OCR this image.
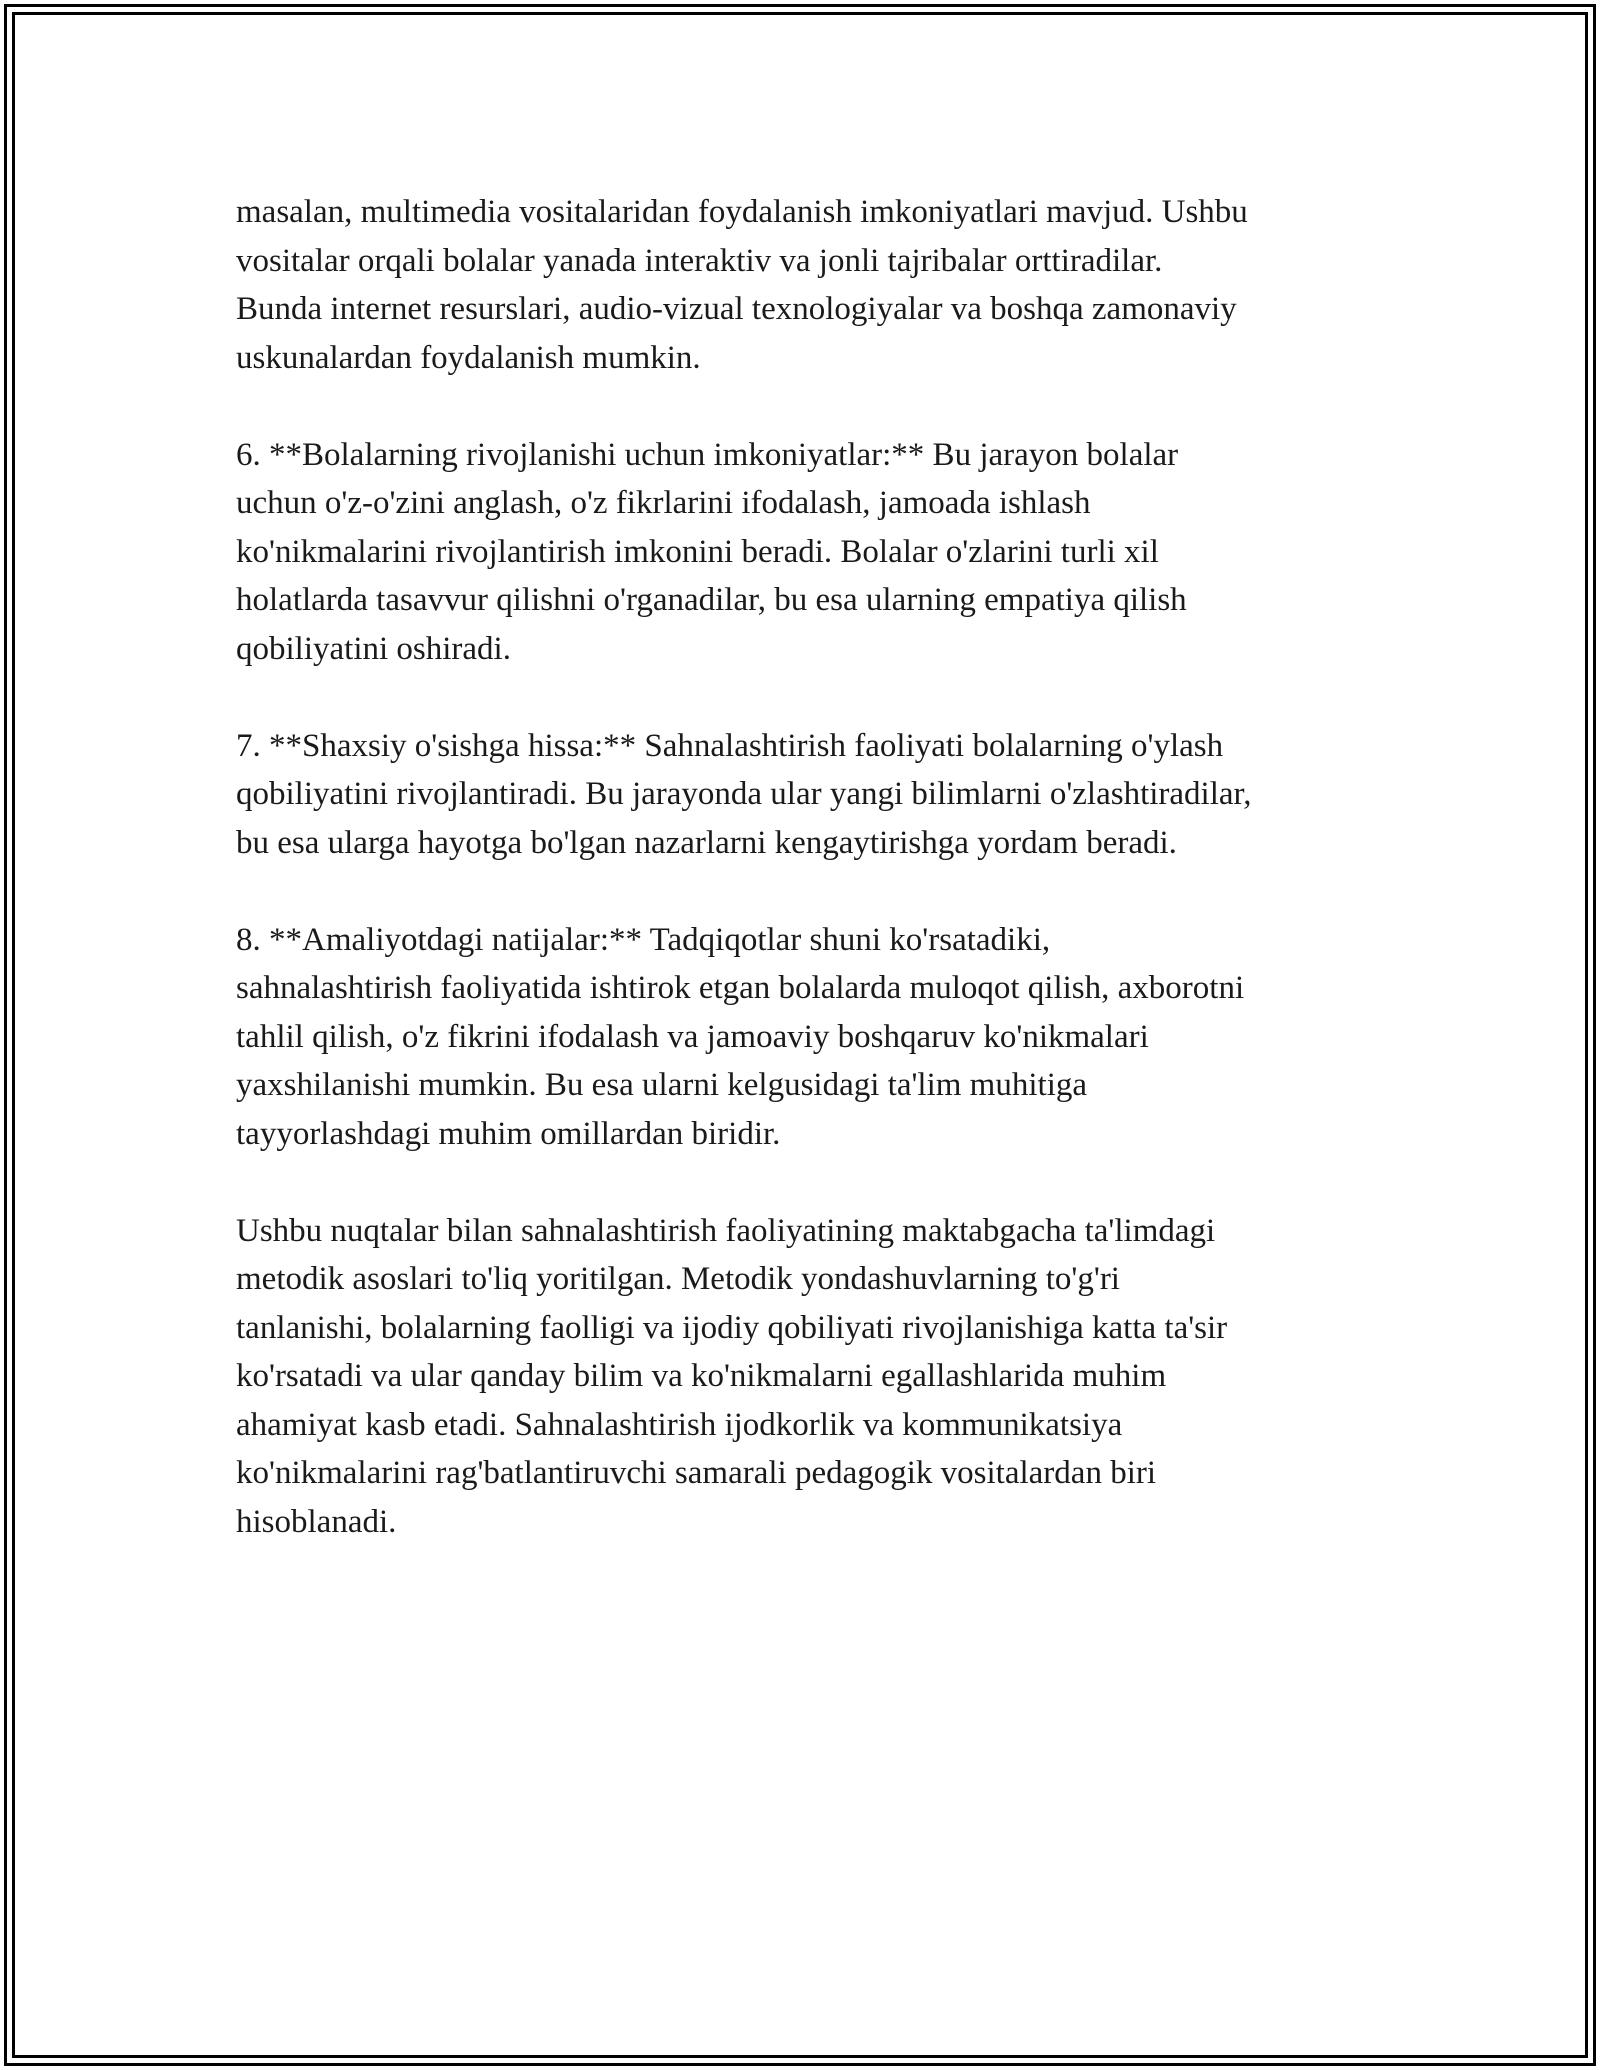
masalan, multimedia vositalaridan foydalanish imkoniyatlari mavjud. Ushbu
vositalar orqali bolalar yanada interaktiv va jonli tajribalar orttiradilar.
Bunda internet resurslari, audio-vizual texnologiyalar va boshqa zamonaviy
uskunalardan foydalanish mumkin.

6. **Bolalarning rivojlanishi uchun imkoniyatlar:** Bu jarayon bolalar
uchun o'z-o'zini anglash, o'z fikrlarini ifodalash, jamoada ishlash
ko'nikmalarini rivojlantirish imkonini beradi. Bolalar o'zlarini turli xil
holatlarda tasavvur qilishni o'rganadilar, bu esa ularning empatiya qilish
qobiliyatini oshiradi.

7. **Shaxsiy o'sishga hissa:** Sahnalashtirish faoliyati bolalarning o'ylash
qobiliyatini rivojlantiradi. Bu jarayonda ular yangi bilimlarni o'zlashtiradilar,
bu esa ularga hayotga bo'lgan nazarlarni kengaytirishga yordam beradi.

8. **Amaliyotdagi natijalar:** Tadqiqotlar shuni ko'rsatadiki,
sahnalashtirish faoliyatida ishtirok etgan bolalarda muloqot qilish, axborotni
tahlil qilish, o'z fikrini ifodalash va jamoaviy boshqaruv ko'nikmalari
yaxshilanishi mumkin. Bu esa ularni kelgusidagi ta'lim muhitiga
tayyorlashdagi muhim omillardan biridir.

Ushbu nuqtalar bilan sahnalashtirish faoliyatining maktabgacha ta'limdagi
metodik asoslari to'liq yoritilgan. Metodik yondashuvlarning to'g'ri
tanlanishi, bolalarning faolligi va ijodiy qobiliyati rivojlanishiga katta ta'sir
ko'rsatadi va ular qanday bilim va ko'nikmalarni egallashlarida muhim
ahamiyat kasb etadi. Sahnalashtirish ijodkorlik va kommunikatsiya
ko'nikmalarini rag'batlantiruvchi samarali pedagogik vositalardan biri
hisoblanadi.
